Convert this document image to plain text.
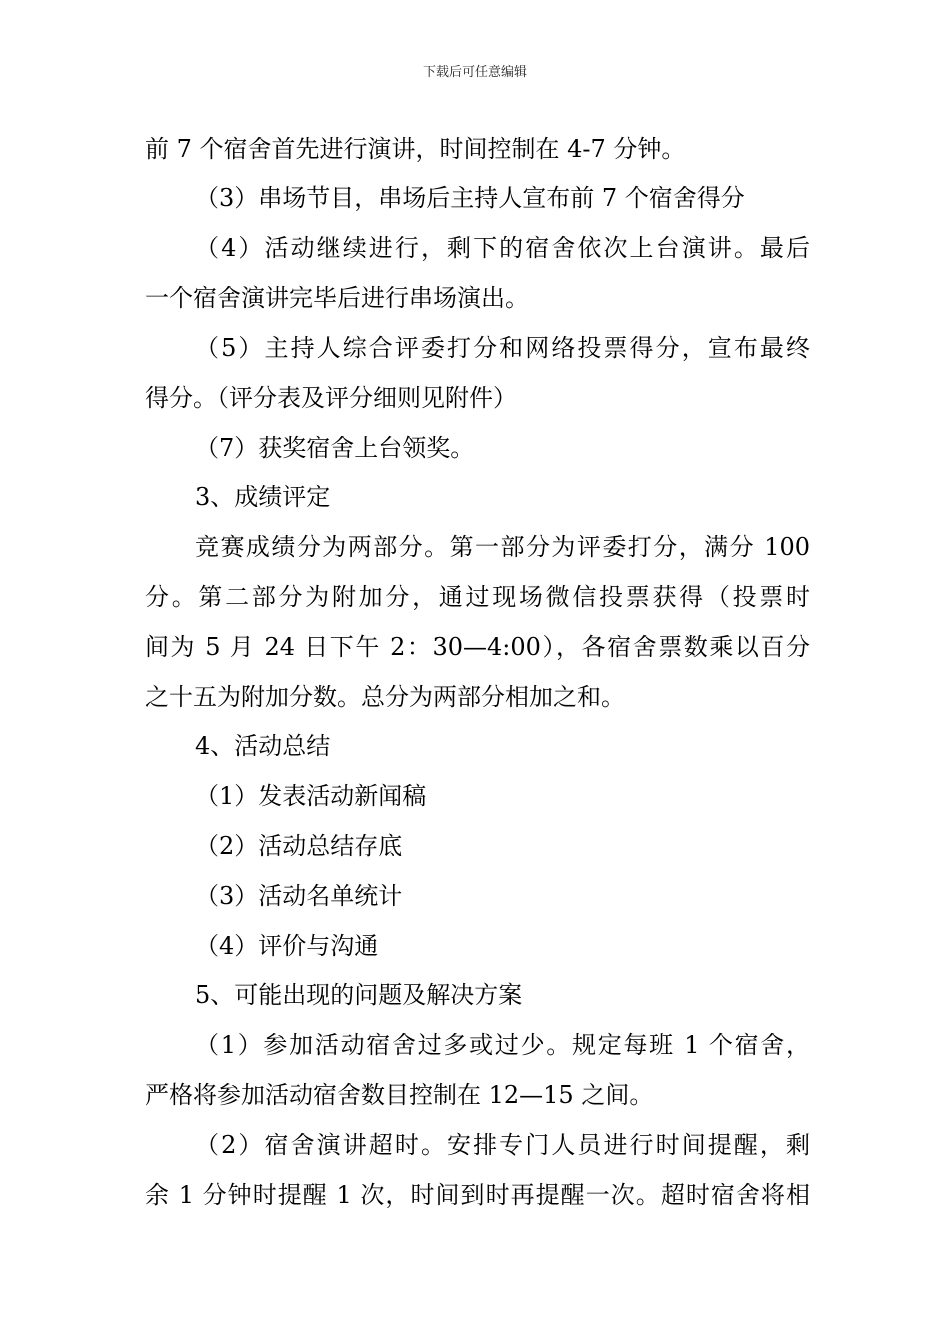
下载后可任意编辑
前 7 个宿舍首先进行演讲，时间控制在 4-7 分钟。
（3）串场节目，串场后主持人宣布前 7 个宿舍得分
（4）活动继续进行，剩下的宿舍依次上台演讲。最后
一个宿舍演讲完毕后进行串场演出。
（5）主持人综合评委打分和网络投票得分，宣布最终
得分。（评分表及评分细则见附件）
（7）获奖宿舍上台领奖。
3、成绩评定
竞赛成绩分为两部分。第一部分为评委打分，满分 100
分。第二部分为附加分，通过现场微信投票获得（投票时
间为 5 月 24 日下午 2：30—4:00），各宿舍票数乘以百分
之十五为附加分数。总分为两部分相加之和。
4、活动总结
（1）发表活动新闻稿
（2）活动总结存底
（3）活动名单统计
（4）评价与沟通
5、可能出现的问题及解决方案
（1）参加活动宿舍过多或过少。规定每班 1 个宿舍，
严格将参加活动宿舍数目控制在 12—15 之间。
（2）宿舍演讲超时。安排专门人员进行时间提醒，剩
余 1 分钟时提醒 1 次，时间到时再提醒一次。超时宿舍将相
